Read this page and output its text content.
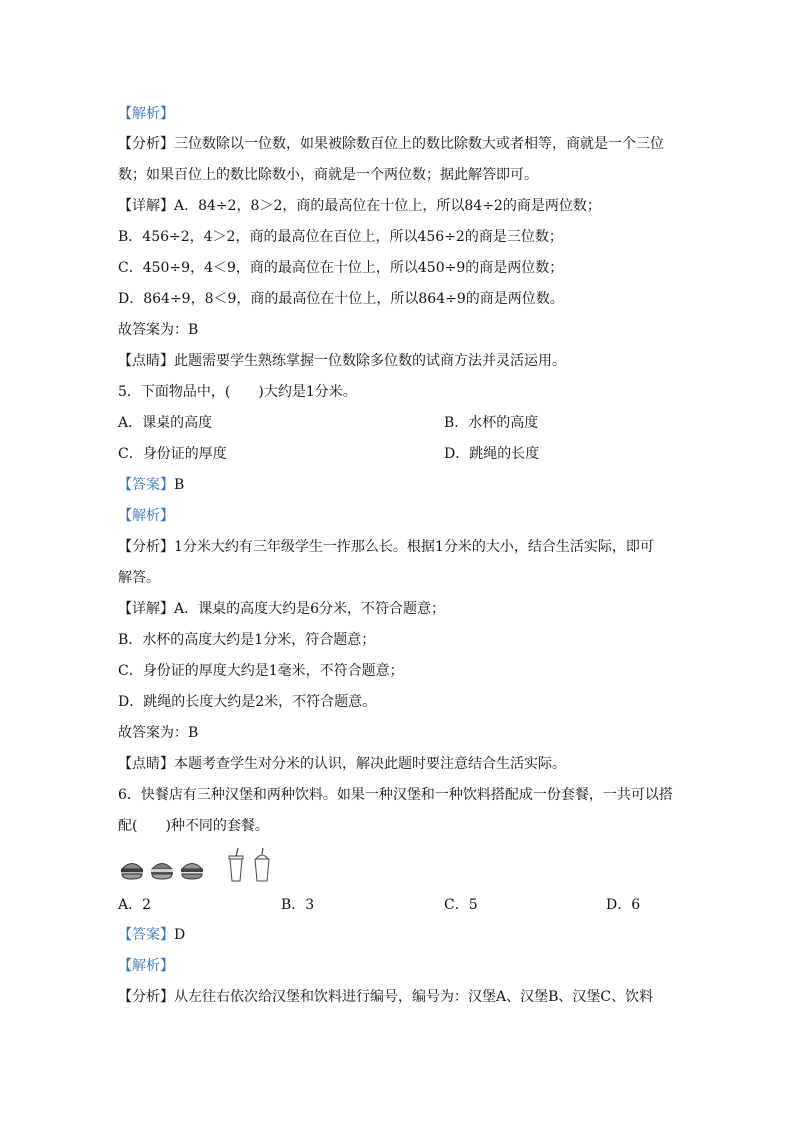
【解析】
【分析】三位数除以一位数，如果被除数百位上的数比除数大或者相等，商就是一个三位
数；如果百位上的数比除数小，商就是一个两位数；据此解答即可。
【详解】A．84÷2，8＞2，商的最高位在十位上，所以84÷2的商是两位数；
B．456÷2，4＞2，商的最高位在百位上，所以456÷2的商是三位数；
C．450÷9，4＜9，商的最高位在十位上，所以450÷9的商是两位数；
D．864÷9，8＜9，商的最高位在十位上，所以864÷9的商是两位数。
故答案为：B
【点睛】此题需要学生熟练掌握一位数除多位数的试商方法并灵活运用。
5．下面物品中，(　　)大约是1分米。
A．课桌的高度	B．水杯的高度
C．身份证的厚度	D．跳绳的长度
【答案】B
【解析】
【分析】1分米大约有三年级学生一拃那么长。根据1分米的大小，结合生活实际，即可
解答。
【详解】A．课桌的高度大约是6分米，不符合题意；
B．水杯的高度大约是1分米，符合题意；
C．身份证的厚度大约是1毫米，不符合题意；
D．跳绳的长度大约是2米，不符合题意。
故答案为：B
【点睛】本题考查学生对分米的认识，解决此题时要注意结合生活实际。
6．快餐店有三种汉堡和两种饮料。如果一种汉堡和一种饮料搭配成一份套餐，一共可以搭
配(　　)种不同的套餐。
A．2	B．3	C．5	D．6
【答案】D
【解析】
【分析】从左往右依次给汉堡和饮料进行编号，编号为：汉堡A、汉堡B、汉堡C、饮料
